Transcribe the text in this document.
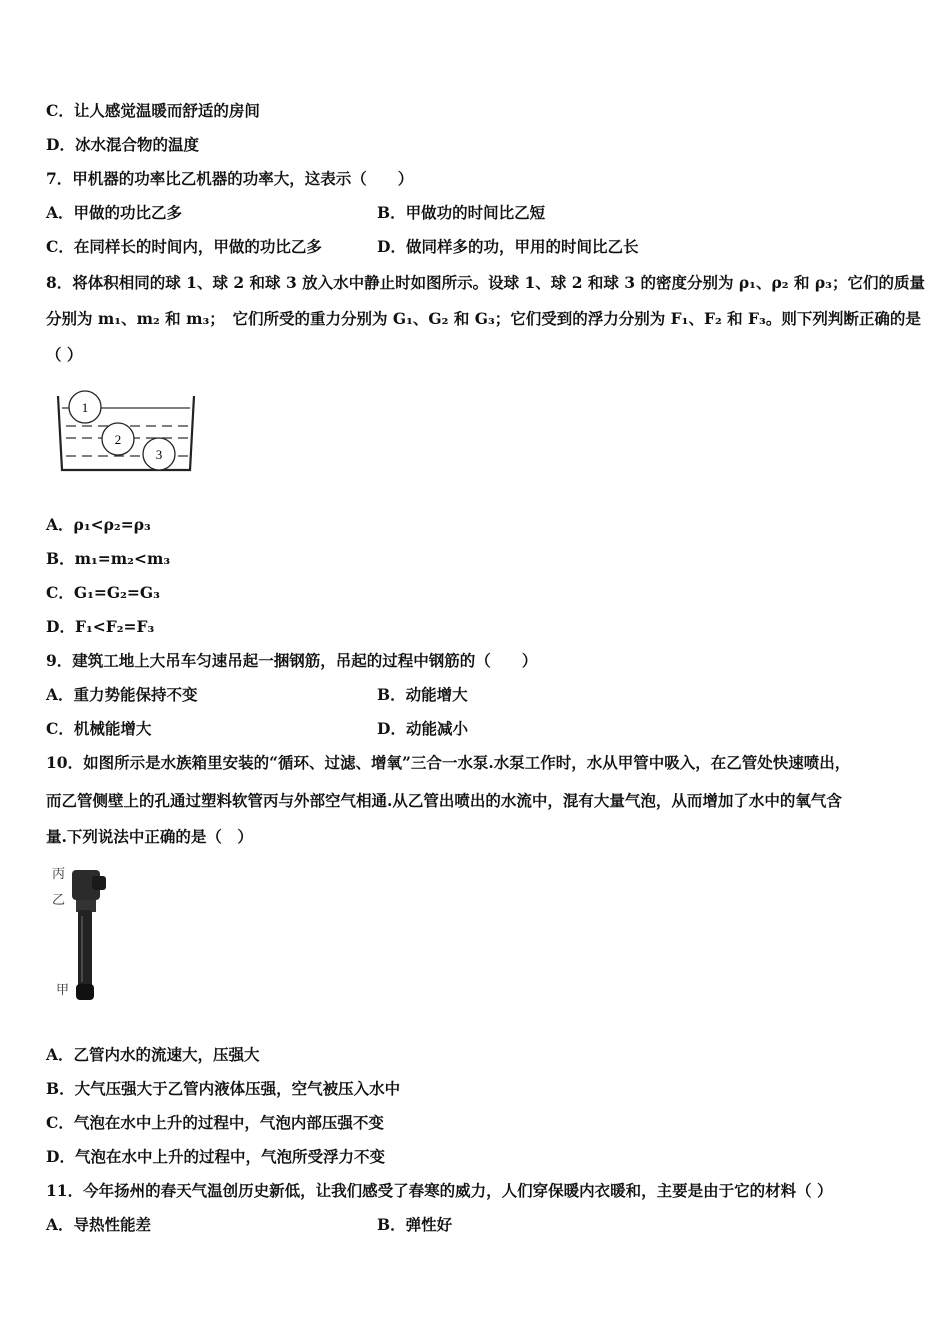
C．让人感觉温暖而舒适的房间
D．冰水混合物的温度
7．甲机器的功率比乙机器的功率大，这表示（　　）
A．甲做的功比乙多	B．甲做功的时间比乙短
C．在同样长的时间内，甲做的功比乙多	D．做同样多的功，甲用的时间比乙长
8．将体积相同的球 1、球 2 和球 3 放入水中静止时如图所示。设球 1、球 2 和球 3 的密度分别为 ρ₁、ρ₂ 和 ρ₃；它们的质量
分别为 m₁、m₂ 和 m₃；　它们所受的重力分别为 G₁、G₂ 和 G₃；它们受到的浮力分别为 F₁、F₂ 和 F₃。则下列判断正确的是
（ ）
1
2
3
A．ρ₁<ρ₂=ρ₃
B．m₁=m₂<m₃
C．G₁=G₂=G₃
D．F₁<F₂=F₃
9．建筑工地上大吊车匀速吊起一捆钢筋，吊起的过程中钢筋的（　　）
A．重力势能保持不变	B．动能增大
C．机械能增大	D．动能减小
10．如图所示是水族箱里安装的“循环、过滤、增氧”三合一水泵.水泵工作时，水从甲管中吸入，在乙管处快速喷出，
而乙管侧壁上的孔通过塑料软管丙与外部空气相通.从乙管出喷出的水流中，混有大量气泡，从而增加了水中的氧气含
量.下列说法中正确的是（　）
丙
乙
甲
A．乙管内水的流速大，压强大
B．大气压强大于乙管内液体压强，空气被压入水中
C．气泡在水中上升的过程中，气泡内部压强不变
D．气泡在水中上升的过程中，气泡所受浮力不变
11．今年扬州的春天气温创历史新低，让我们感受了春寒的威力，人们穿保暖内衣暖和，主要是由于它的材料（ ）
A．导热性能差	B．弹性好
